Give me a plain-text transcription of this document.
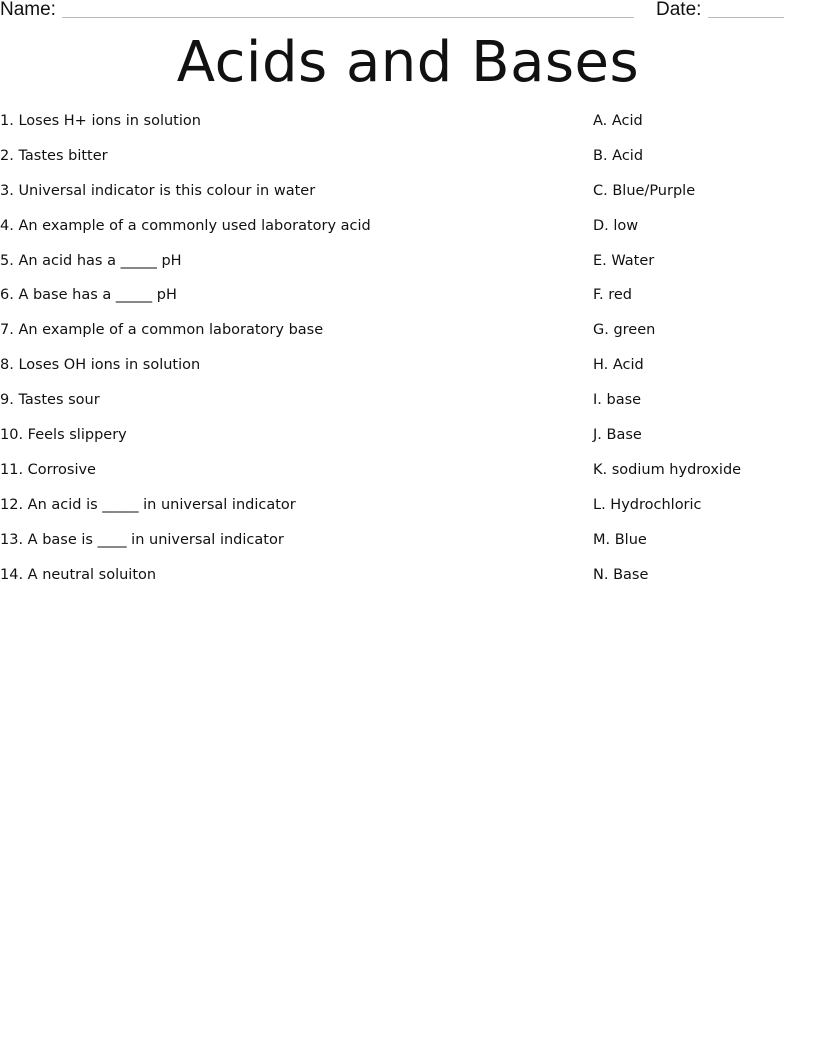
Name:	Date:
Acids and Bases
1. Loses H+ ions in solution
2. Tastes bitter
3. Universal indicator is this colour in water
4. An example of a commonly used laboratory acid
5. An acid has a _____ pH
6. A base has a _____ pH
7. An example of a common laboratory base
8. Loses OH ions in solution
9. Tastes sour
10. Feels slippery
11. Corrosive
12. An acid is _____ in universal indicator
13. A base is ____ in universal indicator
14. A neutral soluiton
A. Acid
B. Acid
C. Blue/Purple
D. low
E. Water
F. red
G. green
H. Acid
I. base
J. Base
K. sodium hydroxide
L. Hydrochloric
M. Blue
N. Base
